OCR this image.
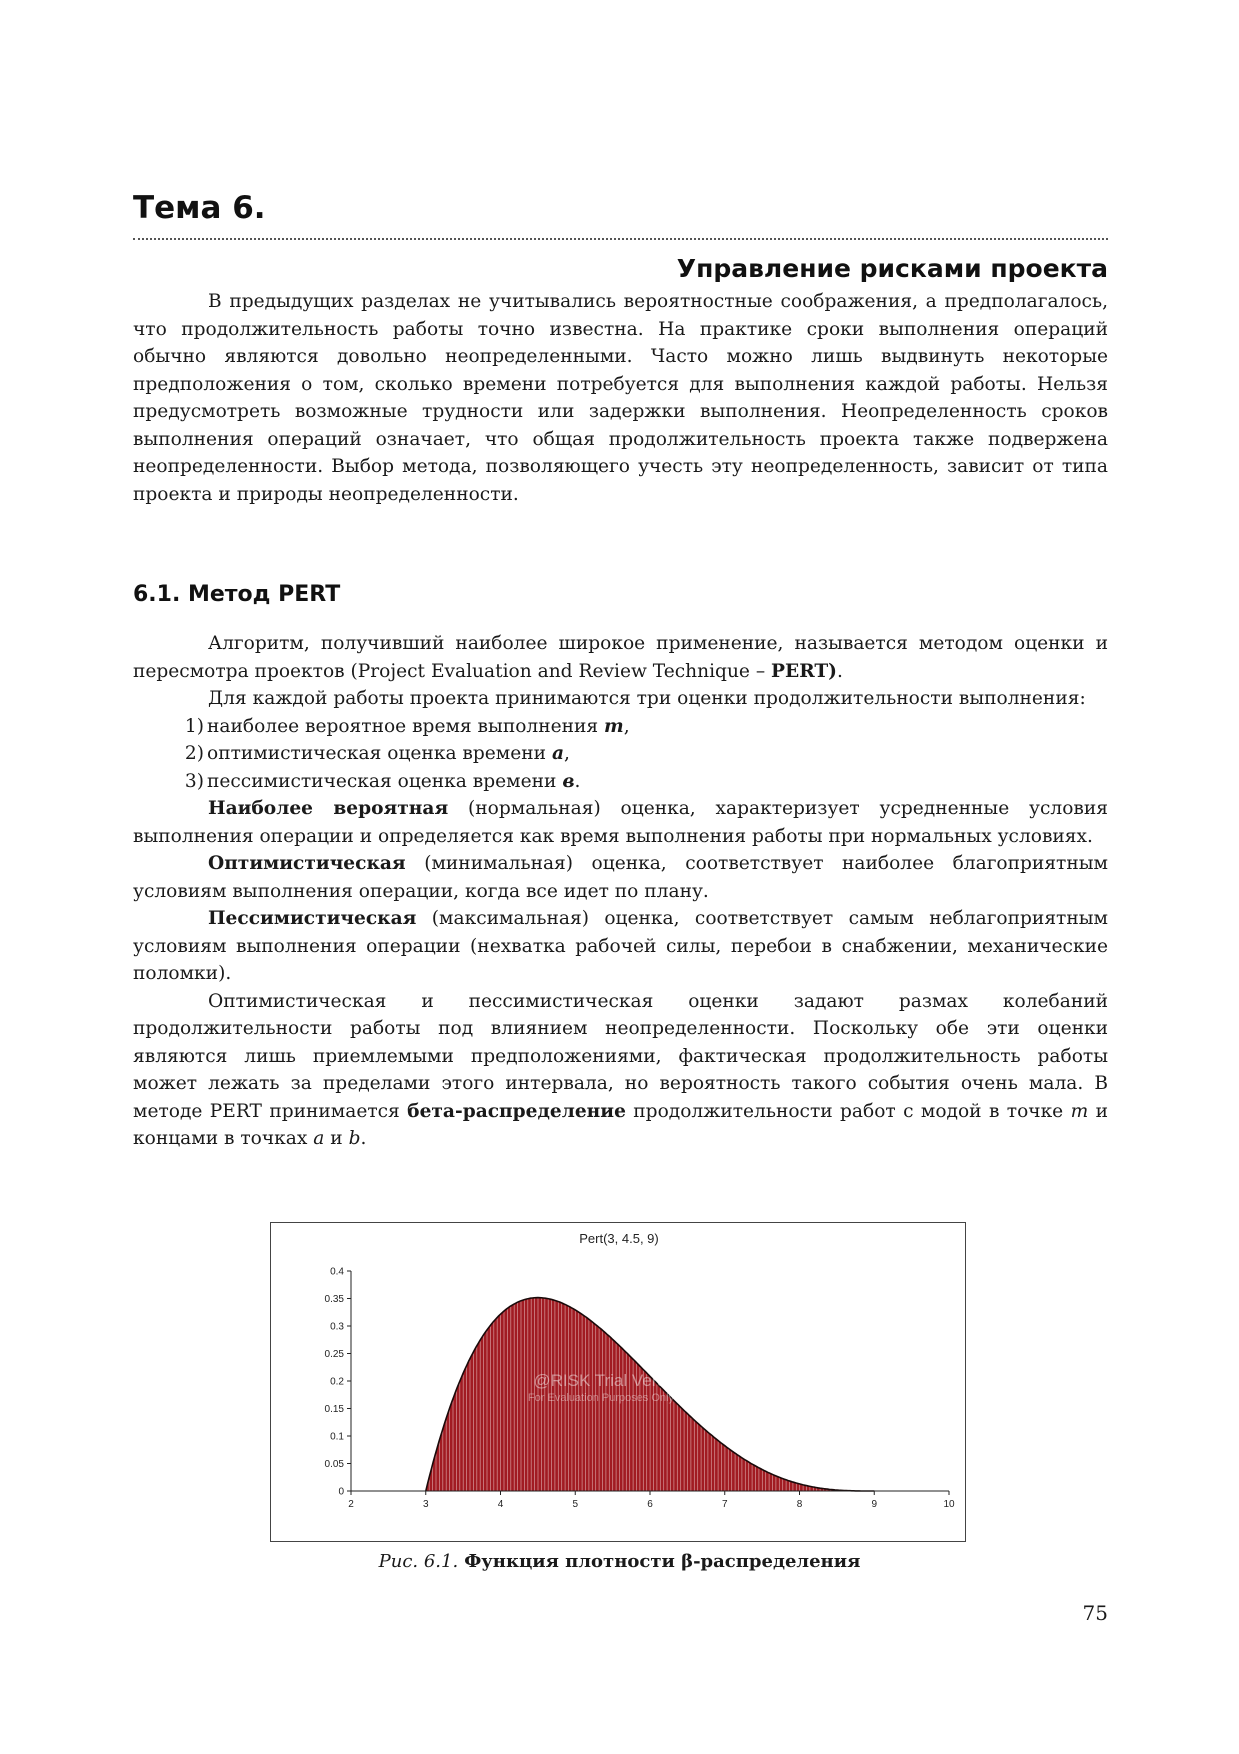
Тема 6.
Управление рисками проекта

В предыдущих разделах не учитывались вероятностные соображения, а предполагалось, что продолжительность работы точно известна. На практике сроки выполнения операций обычно являются довольно неопределенными. Часто можно лишь выдвинуть некоторые предположения о том, сколько времени потребуется для выполнения каждой работы. Нельзя предусмотреть возможные трудности или задержки выполнения. Неопределенность сроков выполнения операций означает, что общая продолжительность проекта также подвержена неопределенности. Выбор метода, позволяющего учесть эту неопределенность, зависит от типа проекта и природы неопределенности.

6.1. Метод PERT

Алгоритм, получивший наиболее широкое применение, называется методом оценки и пересмотра проектов (Project Evaluation and Review Technique – PERT).

Для каждой работы проекта принимаются три оценки продолжительности выполнения:

1) наиболее вероятное время выполнения m,
2) оптимистическая оценка времени a,
3) пессимистическая оценка времени в.

Наиболее вероятная (нормальная) оценка, характеризует усредненные условия выполнения операции и определяется как время выполнения работы при нормальных условиях.

Оптимистическая (минимальная) оценка, соответствует наиболее благоприятным условиям выполнения операции, когда все идет по плану.

Пессимистическая (максимальная) оценка, соответствует самым неблагоприятным условиям выполнения операции (нехватка рабочей силы, перебои в снабжении, механические поломки).

Оптимистическая и пессимистическая оценки задают размах колебаний продолжительности работы под влиянием неопределенности. Поскольку обе эти оценки являются лишь приемлемыми предположениями, фактическая продолжительность работы может лежать за пределами этого интервала, но вероятность такого события очень мала. В методе PERT принимается бета-распределение продолжительности работ с модой в точке m и концами в точках a и b.

Pert(3, 4.5, 9)
0
0.05
0.1
0.15
0.2
0.25
0.3
0.35
0.4
2	3	4	5	6	7	8	9	10
@RISK Trial Version
For Evaluation Purposes Only
Рис. 6.1. Функция плотности β-распределения
75
